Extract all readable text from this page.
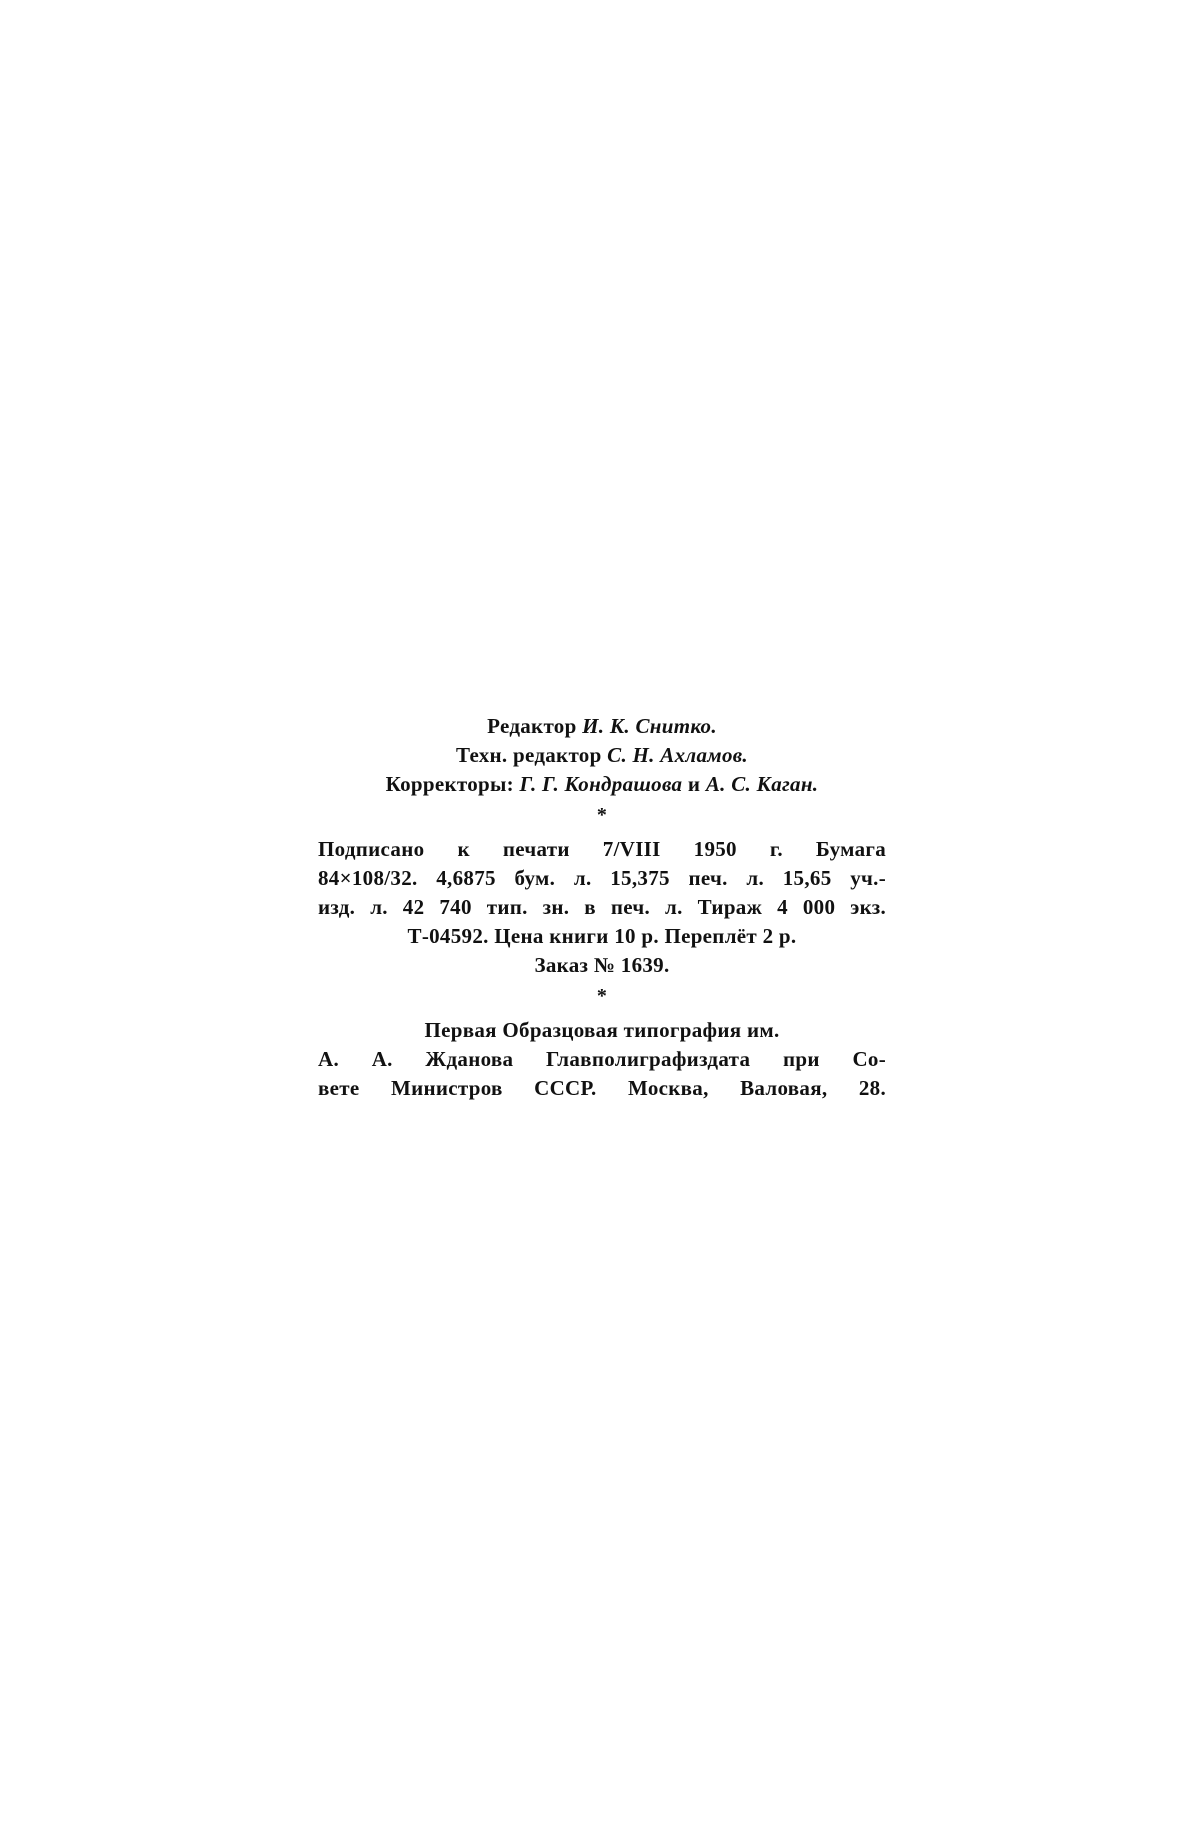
Редактор И. К. Снитко.
Техн. редактор С. Н. Ахламов.
Корректоры: Г. Г. Кондрашова и А. С. Каган.
*
Подписано к печати 7/VIII 1950 г. Бумага
84×108/32. 4,6875 бум. л. 15,375 печ. л. 15,65 уч.-
изд. л. 42 740 тип. зн. в печ. л. Тираж 4 000 экз.
Т-04592. Цена книги 10 р. Переплёт 2 р.
Заказ № 1639.
*
Первая Образцовая типография им.
А. А. Жданова Главполиграфиздата при Со-
вете Министров СССР. Москва, Валовая, 28.
